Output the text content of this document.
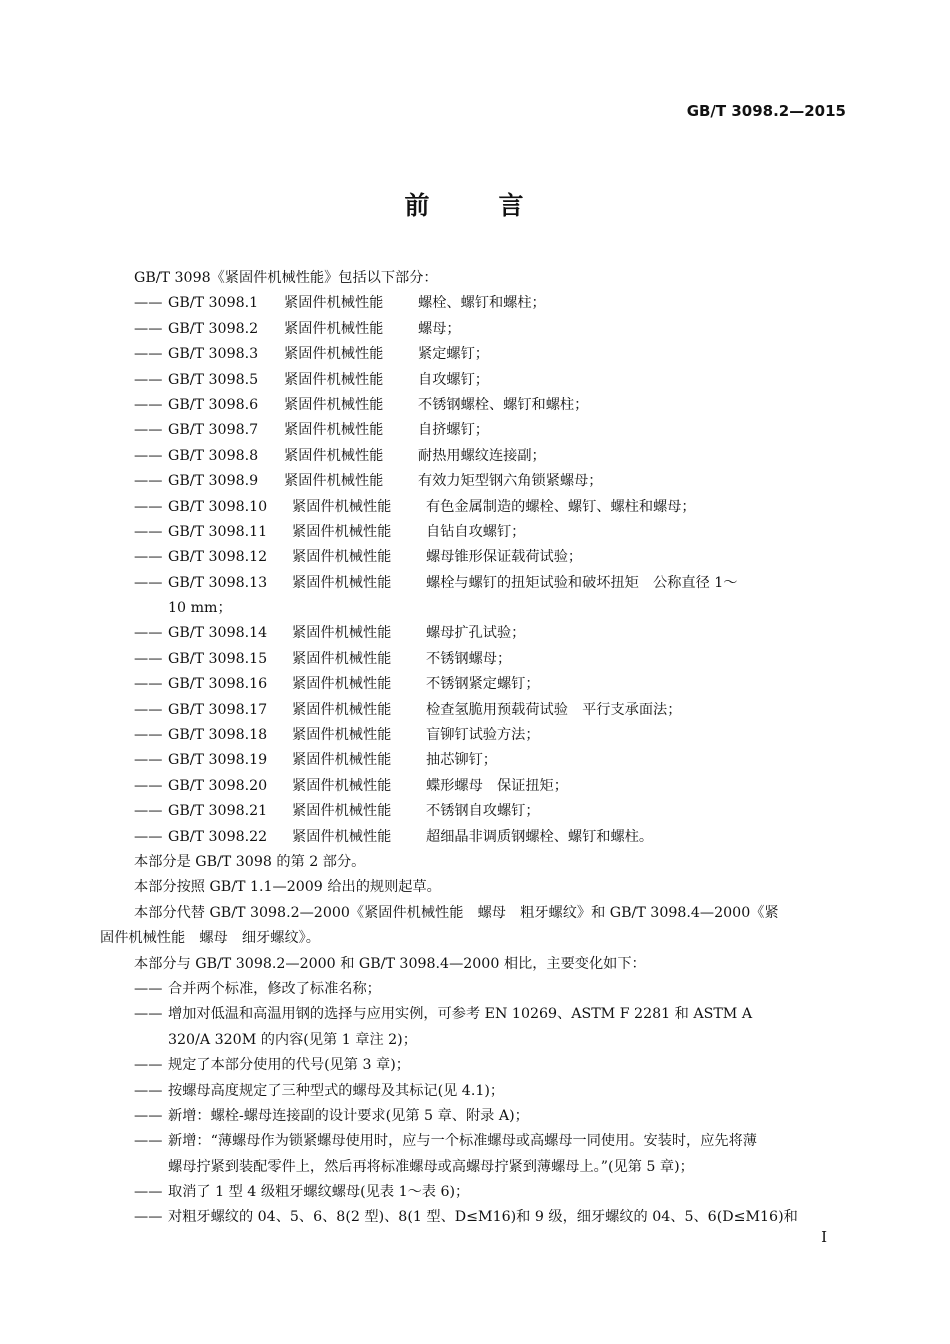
GB/T 3098.2—2015
前　言
GB/T 3098《紧固件机械性能》包括以下部分：
—— GB/T 3098.1 紧固件机械性能 螺栓、螺钉和螺柱；
—— GB/T 3098.2 紧固件机械性能 螺母；
—— GB/T 3098.3 紧固件机械性能 紧定螺钉；
—— GB/T 3098.5 紧固件机械性能 自攻螺钉；
—— GB/T 3098.6 紧固件机械性能 不锈钢螺栓、螺钉和螺柱；
—— GB/T 3098.7 紧固件机械性能 自挤螺钉；
—— GB/T 3098.8 紧固件机械性能 耐热用螺纹连接副；
—— GB/T 3098.9 紧固件机械性能 有效力矩型钢六角锁紧螺母；
—— GB/T 3098.10 紧固件机械性能 有色金属制造的螺栓、螺钉、螺柱和螺母；
—— GB/T 3098.11 紧固件机械性能 自钻自攻螺钉；
—— GB/T 3098.12 紧固件机械性能 螺母锥形保证载荷试验；
—— GB/T 3098.13 紧固件机械性能 螺栓与螺钉的扭矩试验和破坏扭矩　公称直径 1～
10 mm；
—— GB/T 3098.14 紧固件机械性能 螺母扩孔试验；
—— GB/T 3098.15 紧固件机械性能 不锈钢螺母；
—— GB/T 3098.16 紧固件机械性能 不锈钢紧定螺钉；
—— GB/T 3098.17 紧固件机械性能 检查氢脆用预载荷试验　平行支承面法；
—— GB/T 3098.18 紧固件机械性能 盲铆钉试验方法；
—— GB/T 3098.19 紧固件机械性能 抽芯铆钉；
—— GB/T 3098.20 紧固件机械性能 蝶形螺母　保证扭矩；
—— GB/T 3098.21 紧固件机械性能 不锈钢自攻螺钉；
—— GB/T 3098.22 紧固件机械性能 超细晶非调质钢螺栓、螺钉和螺柱。
本部分是 GB/T 3098 的第 2 部分。
本部分按照 GB/T 1.1—2009 给出的规则起草。
本部分代替 GB/T 3098.2—2000《紧固件机械性能　螺母　粗牙螺纹》和 GB/T 3098.4—2000《紧
固件机械性能　螺母　细牙螺纹》。
本部分与 GB/T 3098.2—2000 和 GB/T 3098.4—2000 相比，主要变化如下：
—— 合并两个标准，修改了标准名称；
—— 增加对低温和高温用钢的选择与应用实例，可参考 EN 10269、ASTM F 2281 和 ASTM A
320/A 320M 的内容(见第 1 章注 2)；
—— 规定了本部分使用的代号(见第 3 章)；
—— 按螺母高度规定了三种型式的螺母及其标记(见 4.1)；
—— 新增：螺栓-螺母连接副的设计要求(见第 5 章、附录 A)；
—— 新增：“薄螺母作为锁紧螺母使用时，应与一个标准螺母或高螺母一同使用。安装时，应先将薄
螺母拧紧到装配零件上，然后再将标准螺母或高螺母拧紧到薄螺母上。”(见第 5 章)；
—— 取消了 1 型 4 级粗牙螺纹螺母(见表 1～表 6)；
—— 对粗牙螺纹的 04、5、6、8(2 型)、8(1 型、D≤M16)和 9 级，细牙螺纹的 04、5、6(D≤M16)和
I
